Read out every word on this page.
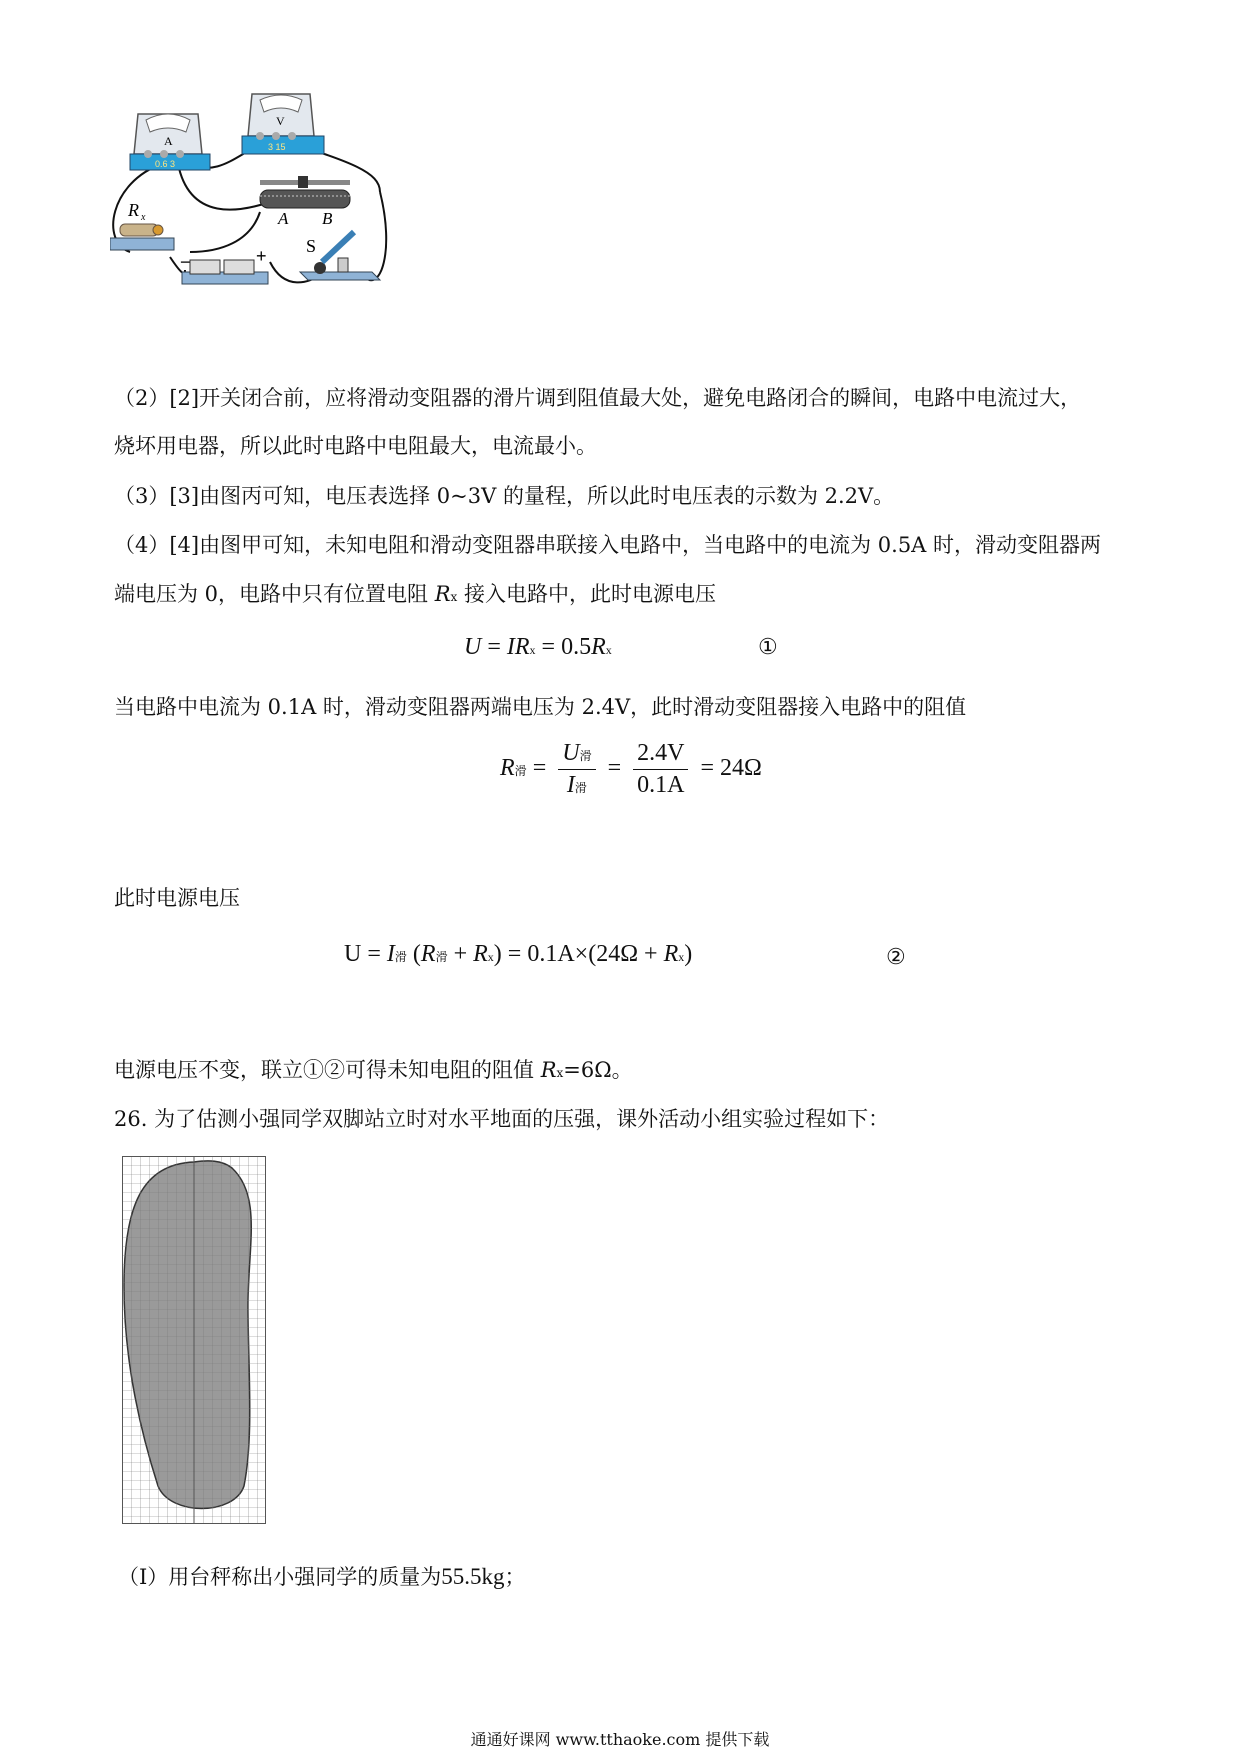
A
0.6 3
V
3 15
A B
R x
−	+ S
（2）[2]开关闭合前，应将滑动变阻器的滑片调到阻值最大处，避免电路闭合的瞬间，电路中电流过大，
烧坏用电器，所以此时电路中电阻最大，电流最小。
（3）[3]由图丙可知，电压表选择 0~3V 的量程，所以此时电压表的示数为 2.2V。
（4）[4]由图甲可知，未知电阻和滑动变阻器串联接入电路中，当电路中的电流为 0.5A 时，滑动变阻器两
端电压为 0，电路中只有位置电阻 Rx 接入电路中，此时电源电压
U = IRx = 0.5Rx	①
当电路中电流为 0.1A 时，滑动变阻器两端电压为 2.4V，此时滑动变阻器接入电路中的阻值
R滑 = $\frac{\text{U滑}}{\text{I滑}} = \frac{2.4V}{0.1A} = 24\Omega$
此时电源电压
U = I滑 (R滑 + Rx) = 0.1A×(24Ω + Rx)	②
电源电压不变，联立①②可得未知电阻的阻值 Rx=6Ω。
26. 为了估测小强同学双脚站立时对水平地面的压强，课外活动小组实验过程如下：
（I）用台秤称出小强同学的质量为55.5kg；
通通好课网 www.tthaoke.com 提供下载
